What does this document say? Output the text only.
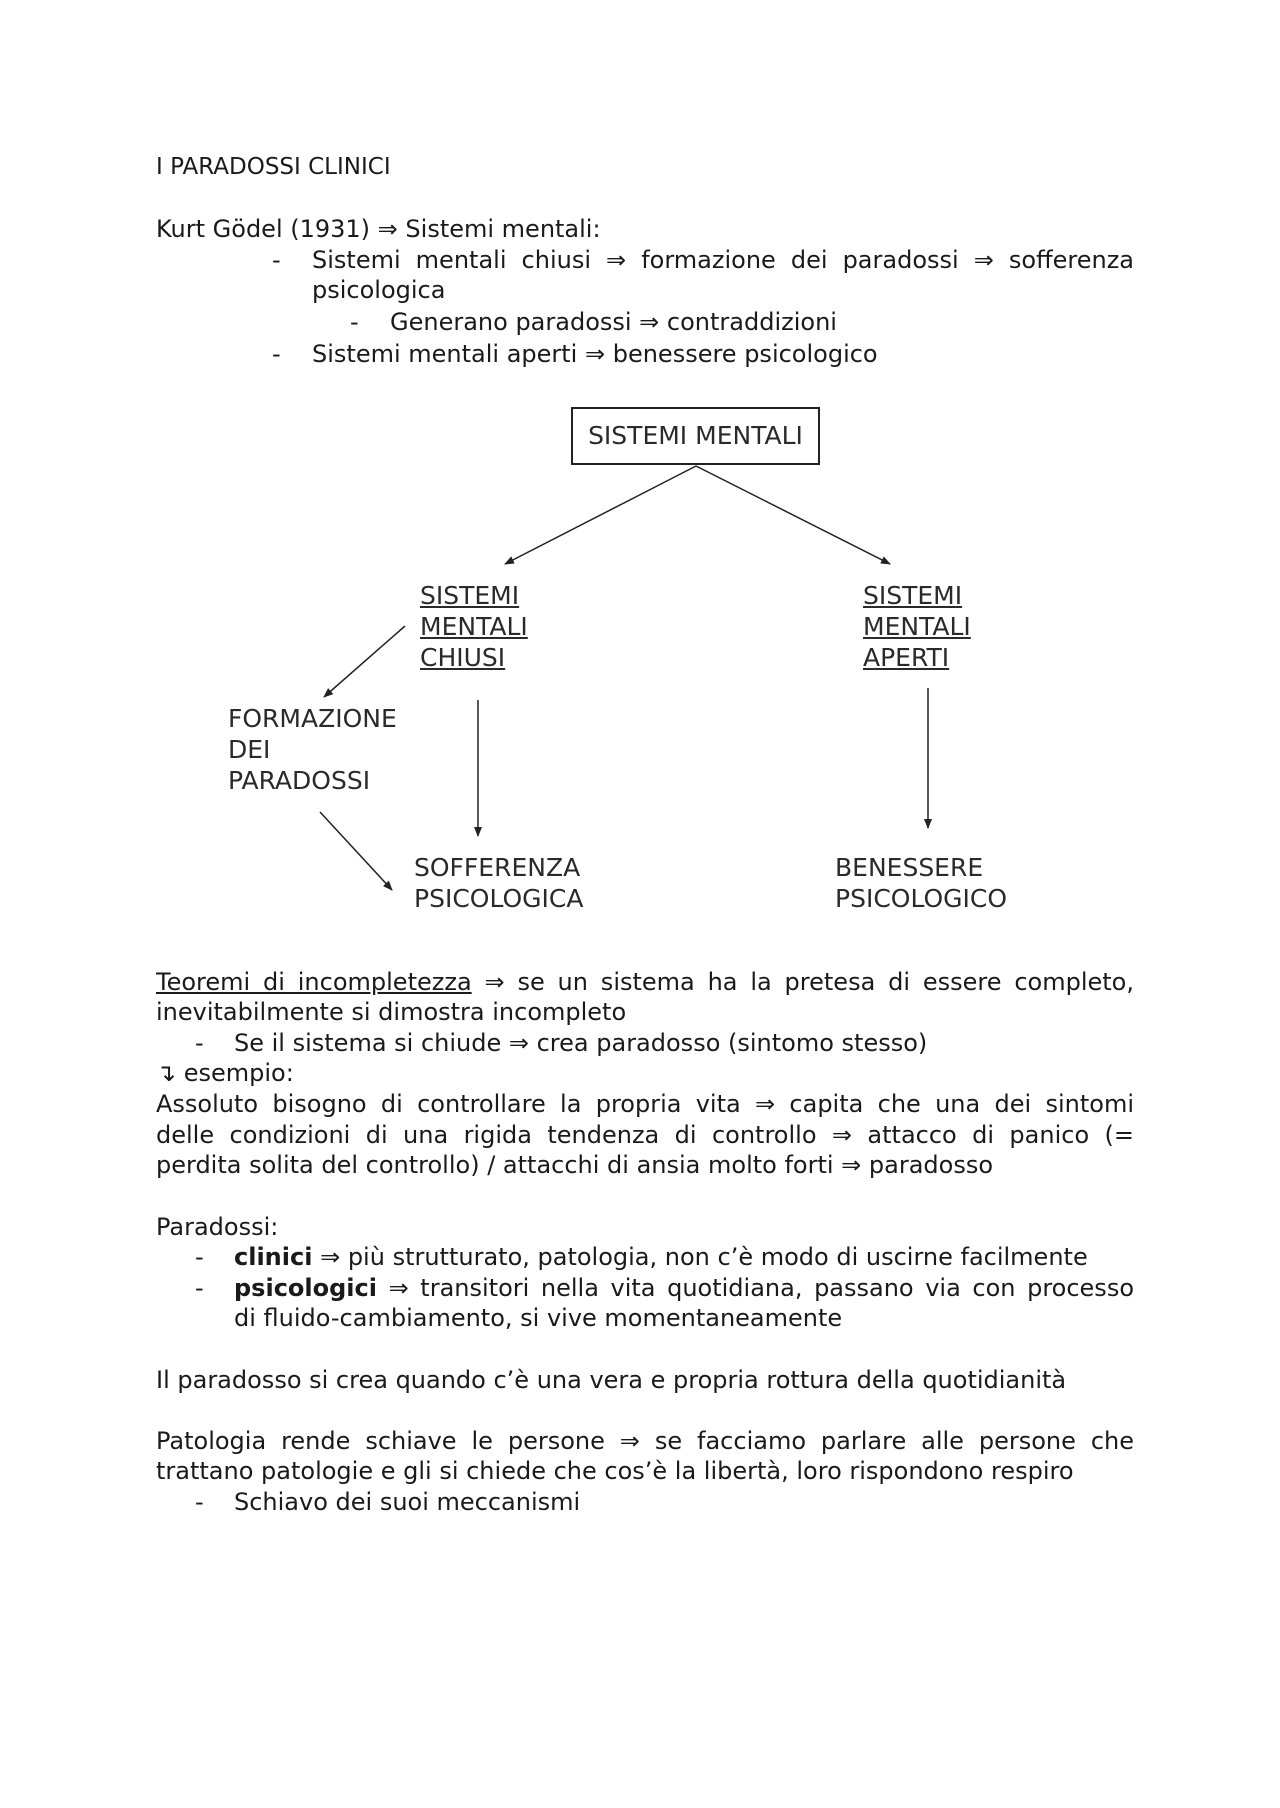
I PARADOSSI CLINICI
Kurt Gödel (1931) ⇒ Sistemi mentali:
- Sistemi mentali chiusi ⇒ formazione dei paradossi ⇒ sofferenza
psicologica
- Generano paradossi ⇒ contraddizioni
- Sistemi mentali aperti ⇒ benessere psicologico
SISTEMI MENTALI
SISTEMI
MENTALI
CHIUSI
SISTEMI
MENTALI
APERTI
FORMAZIONE
DEI
PARADOSSI
SOFFERENZA
PSICOLOGICA
BENESSERE
PSICOLOGICO
Teoremi di incompletezza ⇒ se un sistema ha la pretesa di essere completo,
inevitabilmente si dimostra incompleto
- Se il sistema si chiude ⇒ crea paradosso (sintomo stesso)
↴ esempio:
Assoluto bisogno di controllare la propria vita ⇒ capita che una dei sintomi
delle condizioni di una rigida tendenza di controllo ⇒ attacco di panico (=
perdita solita del controllo) / attacchi di ansia molto forti ⇒ paradosso
Paradossi:
- clinici ⇒ più strutturato, patologia, non c’è modo di uscirne facilmente
- psicologici ⇒ transitori nella vita quotidiana, passano via con processo
di fluido-cambiamento, si vive momentaneamente
Il paradosso si crea quando c’è una vera e propria rottura della quotidianità
Patologia rende schiave le persone ⇒ se facciamo parlare alle persone che
trattano patologie e gli si chiede che cos’è la libertà, loro rispondono respiro
- Schiavo dei suoi meccanismi
